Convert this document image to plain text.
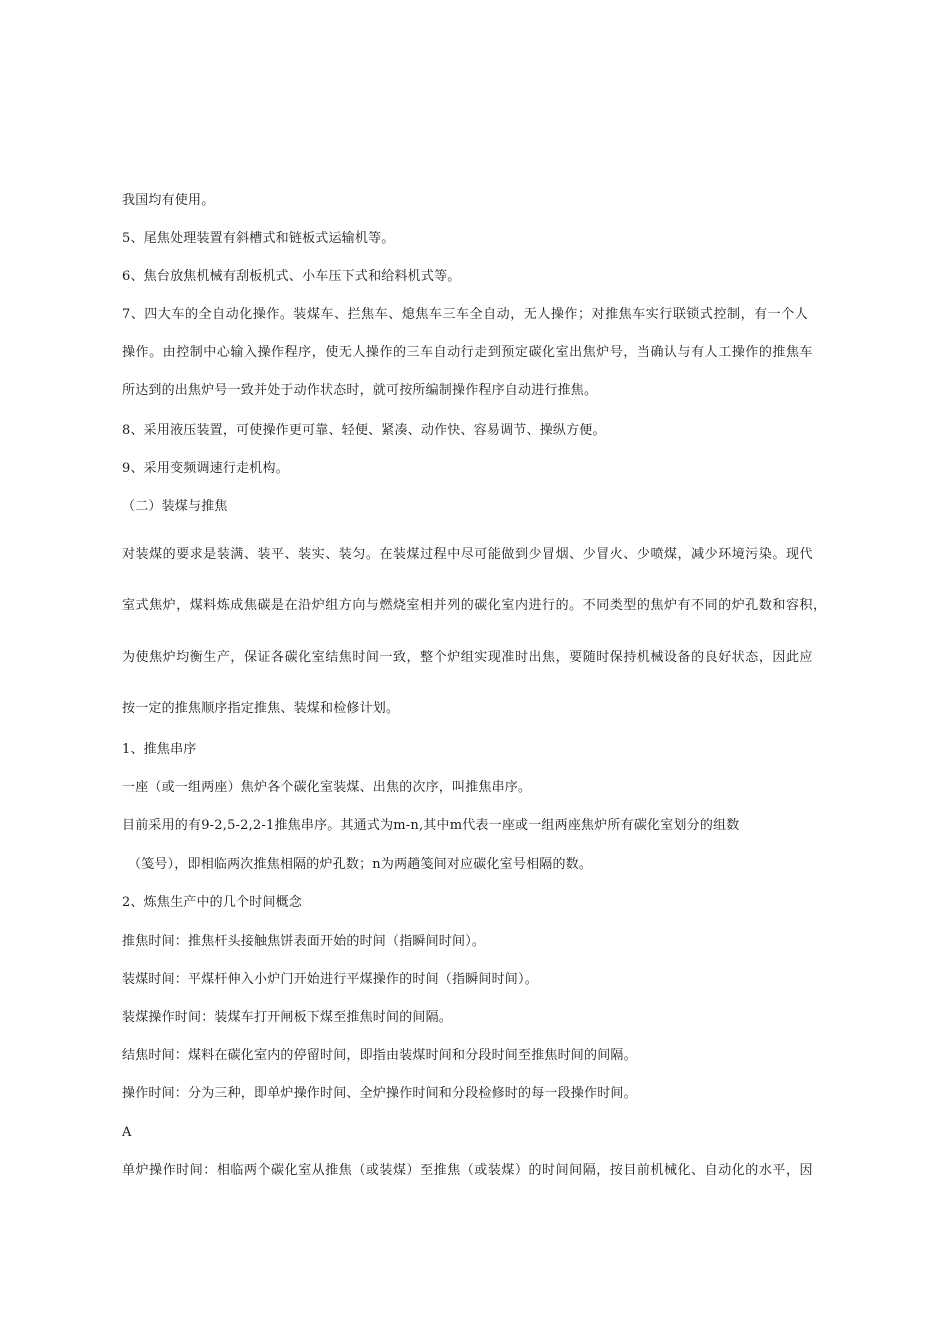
我国均有使用。
5、尾焦处理装置有斜槽式和链板式运输机等。
6、焦台放焦机械有刮板机式、小车压下式和给料机式等。
7、四大车的全自动化操作。装煤车、拦焦车、熄焦车三车全自动，无人操作；对推焦车实行联锁式控制，有一个人
操作。由控制中心输入操作程序，使无人操作的三车自动行走到预定碳化室出焦炉号，当确认与有人工操作的推焦车
所达到的出焦炉号一致并处于动作状态时，就可按所编制操作程序自动进行推焦。
8、采用液压装置，可使操作更可靠、轻便、紧凑、动作快、容易调节、操纵方便。
9、采用变频调速行走机构。
（二）装煤与推焦
对装煤的要求是装满、装平、装实、装匀。在装煤过程中尽可能做到少冒烟、少冒火、少喷煤，减少环境污染。现代
室式焦炉，煤料炼成焦碳是在沿炉组方向与燃烧室相并列的碳化室内进行的。不同类型的焦炉有不同的炉孔数和容积，
为使焦炉均衡生产，保证各碳化室结焦时间一致，整个炉组实现准时出焦，要随时保持机械设备的良好状态，因此应
按一定的推焦顺序指定推焦、装煤和检修计划。
1、推焦串序
一座（或一组两座）焦炉各个碳化室装煤、出焦的次序，叫推焦串序。
目前采用的有9-2,5-2,2-1推焦串序。其通式为m-n,其中m代表一座或一组两座焦炉所有碳化室划分的组数
（笺号），即相临两次推焦相隔的炉孔数；n为两趟笺间对应碳化室号相隔的数。
2、炼焦生产中的几个时间概念
推焦时间：推焦杆头接触焦饼表面开始的时间（指瞬间时间）。
装煤时间：平煤杆伸入小炉门开始进行平煤操作的时间（指瞬间时间）。
装煤操作时间：装煤车打开闸板下煤至推焦时间的间隔。
结焦时间：煤料在碳化室内的停留时间，即指由装煤时间和分段时间至推焦时间的间隔。
操作时间：分为三种，即单炉操作时间、全炉操作时间和分段检修时的每一段操作时间。
A
单炉操作时间：相临两个碳化室从推焦（或装煤）至推焦（或装煤）的时间间隔，按目前机械化、自动化的水平，因
